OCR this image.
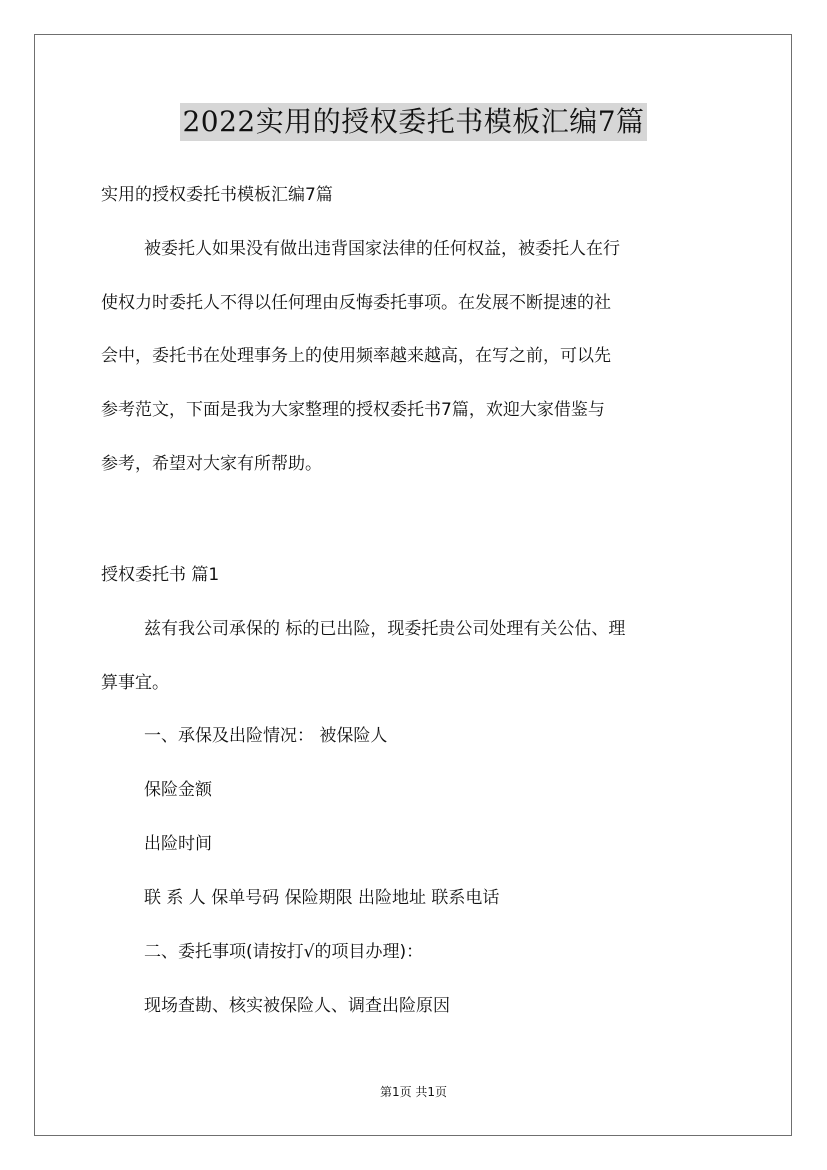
2022实用的授权委托书模板汇编7篇
实用的授权委托书模板汇编7篇
被委托人如果没有做出违背国家法律的任何权益，被委托人在行
使权力时委托人不得以任何理由反悔委托事项。在发展不断提速的社
会中，委托书在处理事务上的使用频率越来越高，在写之前，可以先
参考范文，下面是我为大家整理的授权委托书7篇，欢迎大家借鉴与
参考，希望对大家有所帮助。
授权委托书 篇1
兹有我公司承保的 标的已出险，现委托贵公司处理有关公估、理
算事宜。
一、承保及出险情况： 被保险人
保险金额
出险时间
联 系 人 保单号码 保险期限 出险地址 联系电话
二、委托事项(请按打√的项目办理)：
现场查勘、核实被保险人、调查出险原因
第1页 共1页
